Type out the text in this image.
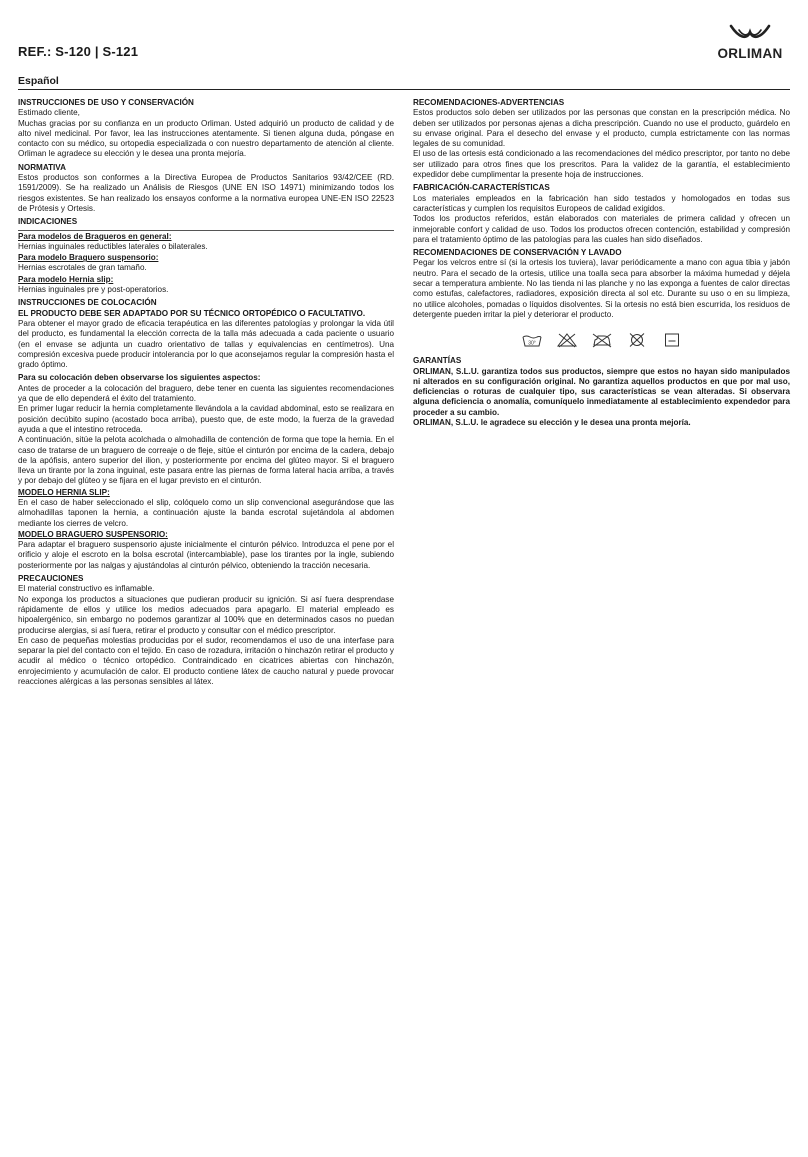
REF.: S-120 | S-121
Español
ORLIMAN
INSTRUCCIONES DE USO Y CONSERVACIÓN

Estimado cliente,

Muchas gracias por su confianza en un producto Orliman. Usted adquirió un producto de calidad y de alto nivel medicinal. Por favor, lea las instrucciones atentamente. Si tienen alguna duda, póngase en contacto con su médico, su ortopedia especializada o con nuestro departamento de atención al cliente. Orliman le agradece su elección y le desea una pronta mejoría.

NORMATIVA

Estos productos son conformes a la Directiva Europea de Productos Sanitarios 93/42/CEE (RD. 1591/2009). Se ha realizado un Análisis de Riesgos (UNE EN ISO 14971) minimizando todos los riesgos existentes. Se han realizado los ensayos conforme a la normativa europea UNE-EN ISO 22523 de Prótesis y Ortesis.

INDICACIONES
Para modelos de Bragueros en general:

Hernias inguinales reductibles laterales o bilaterales.

Para modelo Braguero suspensorio:

Hernias escrotales de gran tamaño.

Para modelo Hernia slip:

Hernias inguinales pre y post-operatorios.

INSTRUCCIONES DE COLOCACIÓN
EL PRODUCTO DEBE SER ADAPTADO POR SU TÉCNICO ORTOPÉDICO O FACULTATIVO.

Para obtener el mayor grado de eficacia terapéutica en las diferentes patologías y prolongar la vida útil del producto, es fundamental la elección correcta de la talla más adecuada a cada paciente o usuario (en el envase se adjunta un cuadro orientativo de tallas y equivalencias en centímetros). Una compresión excesiva puede producir intolerancia por lo que aconsejamos regular la compresión hasta el grado óptimo.

Para su colocación deben observarse los siguientes aspectos:

Antes de proceder a la colocación del braguero, debe tener en cuenta las siguientes recomendaciones ya que de ello dependerá el éxito del tratamiento.

En primer lugar reducir la hernia completamente llevándola a la cavidad abdominal, esto se realizara en posición decúbito supino (acostado boca arriba), puesto que, de este modo, la fuerza de la gravedad ayuda a que el intestino retroceda.

A continuación, sitúe la pelota acolchada o almohadilla de contención de forma que tope la hernia. En el caso de tratarse de un braguero de correaje o de fleje, sitúe el cinturón por encima de la cadera, debajo de la apófisis, antero superior del ilion, y posteriormente por encima del glúteo mayor. Si el braguero lleva un tirante por la zona inguinal, este pasara entre las piernas de forma lateral hacia arriba, a través y por debajo del glúteo y se fijara en el lugar previsto en el cinturón.

MODELO HERNIA SLIP:

En el caso de haber seleccionado el slip, colóquelo como un slip convencional asegurándose que las almohadillas taponen la hernia, a continuación ajuste la banda escrotal sujetándola al abdomen mediante los cierres de velcro.

MODELO BRAGUERO SUSPENSORIO:

Para adaptar el braguero suspensorio ajuste inicialmente el cinturón pélvico. Introduzca el pene por el orificio y aloje el escroto en la bolsa escrotal (intercambiable), pase los tirantes por la ingle, subiendo posteriormente por las nalgas y ajustándolas al cinturón pélvico, obteniendo la tracción necesaria.

PRECAUCIONES

El material constructivo es inflamable.

No exponga los productos a situaciones que pudieran producir su ignición. Si así fuera desprendase rápidamente de ellos y utilice los medios adecuados para apagarlo. El material empleado es hipoalergénico, sin embargo no podemos garantizar al 100% que en determinados casos no puedan producirse alergias, si así fuera, retirar el producto y consultar con el médico prescriptor.

En caso de pequeñas molestias producidas por el sudor, recomendamos el uso de una interfase para separar la piel del contacto con el tejido. En caso de rozadura, irritación o hinchazón retirar el producto y acudir al médico o técnico ortopédico. Contraindicado en cicatrices abiertas con hinchazón, enrojecimiento y acumulación de calor. El producto contiene látex de caucho natural y puede provocar reacciones alérgicas a las personas sensibles al látex.

RECOMENDACIONES-ADVERTENCIAS

Estos productos solo deben ser utilizados por las personas que constan en la prescripción médica. No deben ser utilizados por personas ajenas a dicha prescripción. Cuando no use el producto, guárdelo en su envase original. Para el desecho del envase y el producto, cumpla estrictamente con las normas legales de su comunidad.

El uso de las ortesis está condicionado a las recomendaciones del médico prescriptor, por tanto no debe ser utilizado para otros fines que los prescritos. Para la validez de la garantía, el establecimiento expedidor debe cumplimentar la presente hoja de instrucciones.

FABRICACIÓN-CARACTERÍSTICAS

Los materiales empleados en la fabricación han sido testados y homologados en todas sus características y cumplen los requisitos Europeos de calidad exigidos.

Todos los productos referidos, están elaborados con materiales de primera calidad y ofrecen un inmejorable confort y calidad de uso. Todos los productos ofrecen contención, estabilidad y compresión para el tratamiento óptimo de las patologías para las cuales han sido diseñados.

RECOMENDACIONES DE CONSERVACIÓN Y LAVADO

Pegar los velcros entre sí (si la ortesis los tuviera), lavar periódicamente a mano con agua tibia y jabón neutro. Para el secado de la ortesis, utilice una toalla seca para absorber la máxima humedad y déjela secar a temperatura ambiente. No las tienda ni las planche y no las exponga a fuentes de calor directas como estufas, calefactores, radiadores, exposición directa al sol etc. Durante su uso o en su limpieza, no utilice alcoholes, pomadas o líquidos disolventes. Si la ortesis no está bien escurrida, los residuos de detergente pueden irritar la piel y deteriorar el producto.

30°
GARANTÍAS

ORLIMAN, S.L.U. garantiza todos sus productos, siempre que estos no hayan sido manipulados ni alterados en su configuración original. No garantiza aquellos productos en que por mal uso, deficiencias o roturas de cualquier tipo, sus características se vean alteradas. Si observara alguna deficiencia o anomalía, comuníquelo inmediatamente al establecimiento expendedor para proceder a su cambio.

ORLIMAN, S.L.U. le agradece su elección y le desea una pronta mejoría.
